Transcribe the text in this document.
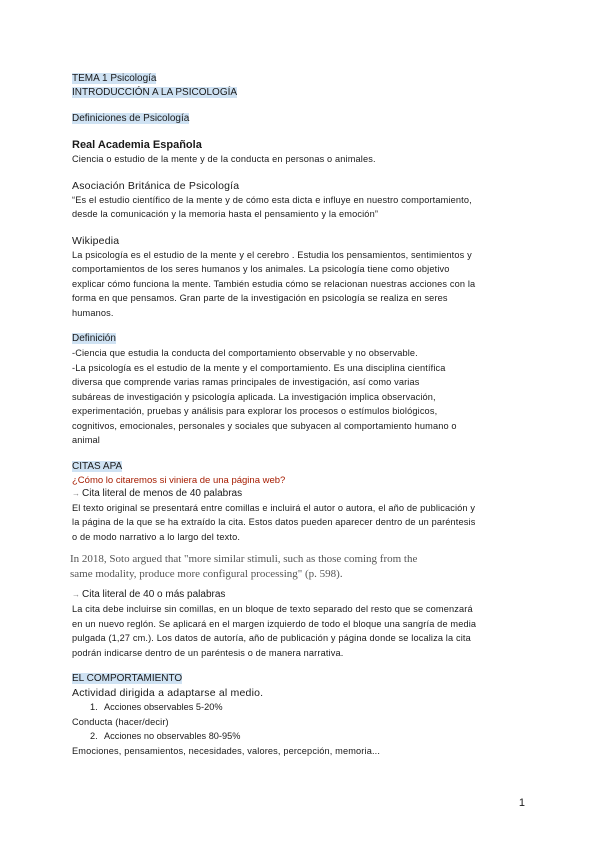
TEMA 1 Psicología
INTRODUCCIÓN A LA PSICOLOGÍA
Definiciones de Psicología
Real Academia Española
Ciencia o estudio de la mente y de la conducta en personas o animales.
Asociación Británica de Psicología
“Es el estudio científico de la mente y de cómo esta dicta e influye en nuestro comportamiento,
desde la comunicación y la memoria hasta el pensamiento y la emoción”
Wikipedia
La psicología es el estudio de la mente y el cerebro . Estudia los pensamientos, sentimientos y
comportamientos de los seres humanos y los animales. La psicología tiene como objetivo
explicar cómo funciona la mente. También estudia cómo se relacionan nuestras acciones con la
forma en que pensamos. Gran parte de la investigación en psicología se realiza en seres
humanos.
Definición
-Ciencia que estudia la conducta del comportamiento observable y no observable.
-La psicología es el estudio de la mente y el comportamiento. Es una disciplina científica
diversa que comprende varias ramas principales de investigación, así como varias
subáreas de investigación y psicología aplicada. La investigación implica observación,
experimentación, pruebas y análisis para explorar los procesos o estímulos biológicos,
cognitivos, emocionales, personales y sociales que subyacen al comportamiento humano o
animal
CITAS APA
¿Cómo lo citaremos si viniera de una página web?
→ Cita literal de menos de 40 palabras
El texto original se presentará entre comillas e incluirá el autor o autora, el año de publicación y
la página de la que se ha extraído la cita. Estos datos pueden aparecer dentro de un paréntesis
o de modo narrativo a lo largo del texto.
In 2018, Soto argued that "more similar stimuli, such as those coming from the
same modality, produce more configural processing" (p. 598).
→ Cita literal de 40 o más palabras
La cita debe incluirse sin comillas, en un bloque de texto separado del resto que se comenzará
en un nuevo reglón. Se aplicará en el margen izquierdo de todo el bloque una sangría de media
pulgada (1,27 cm.). Los datos de autoría, año de publicación y página donde se localiza la cita
podrán indicarse dentro de un paréntesis o de manera narrativa.
EL COMPORTAMIENTO
Actividad dirigida a adaptarse al medio.
1. Acciones observables 5-20%
Conducta (hacer/decir)
2. Acciones no observables 80-95%
Emociones, pensamientos, necesidades, valores, percepción, memoria...
1
